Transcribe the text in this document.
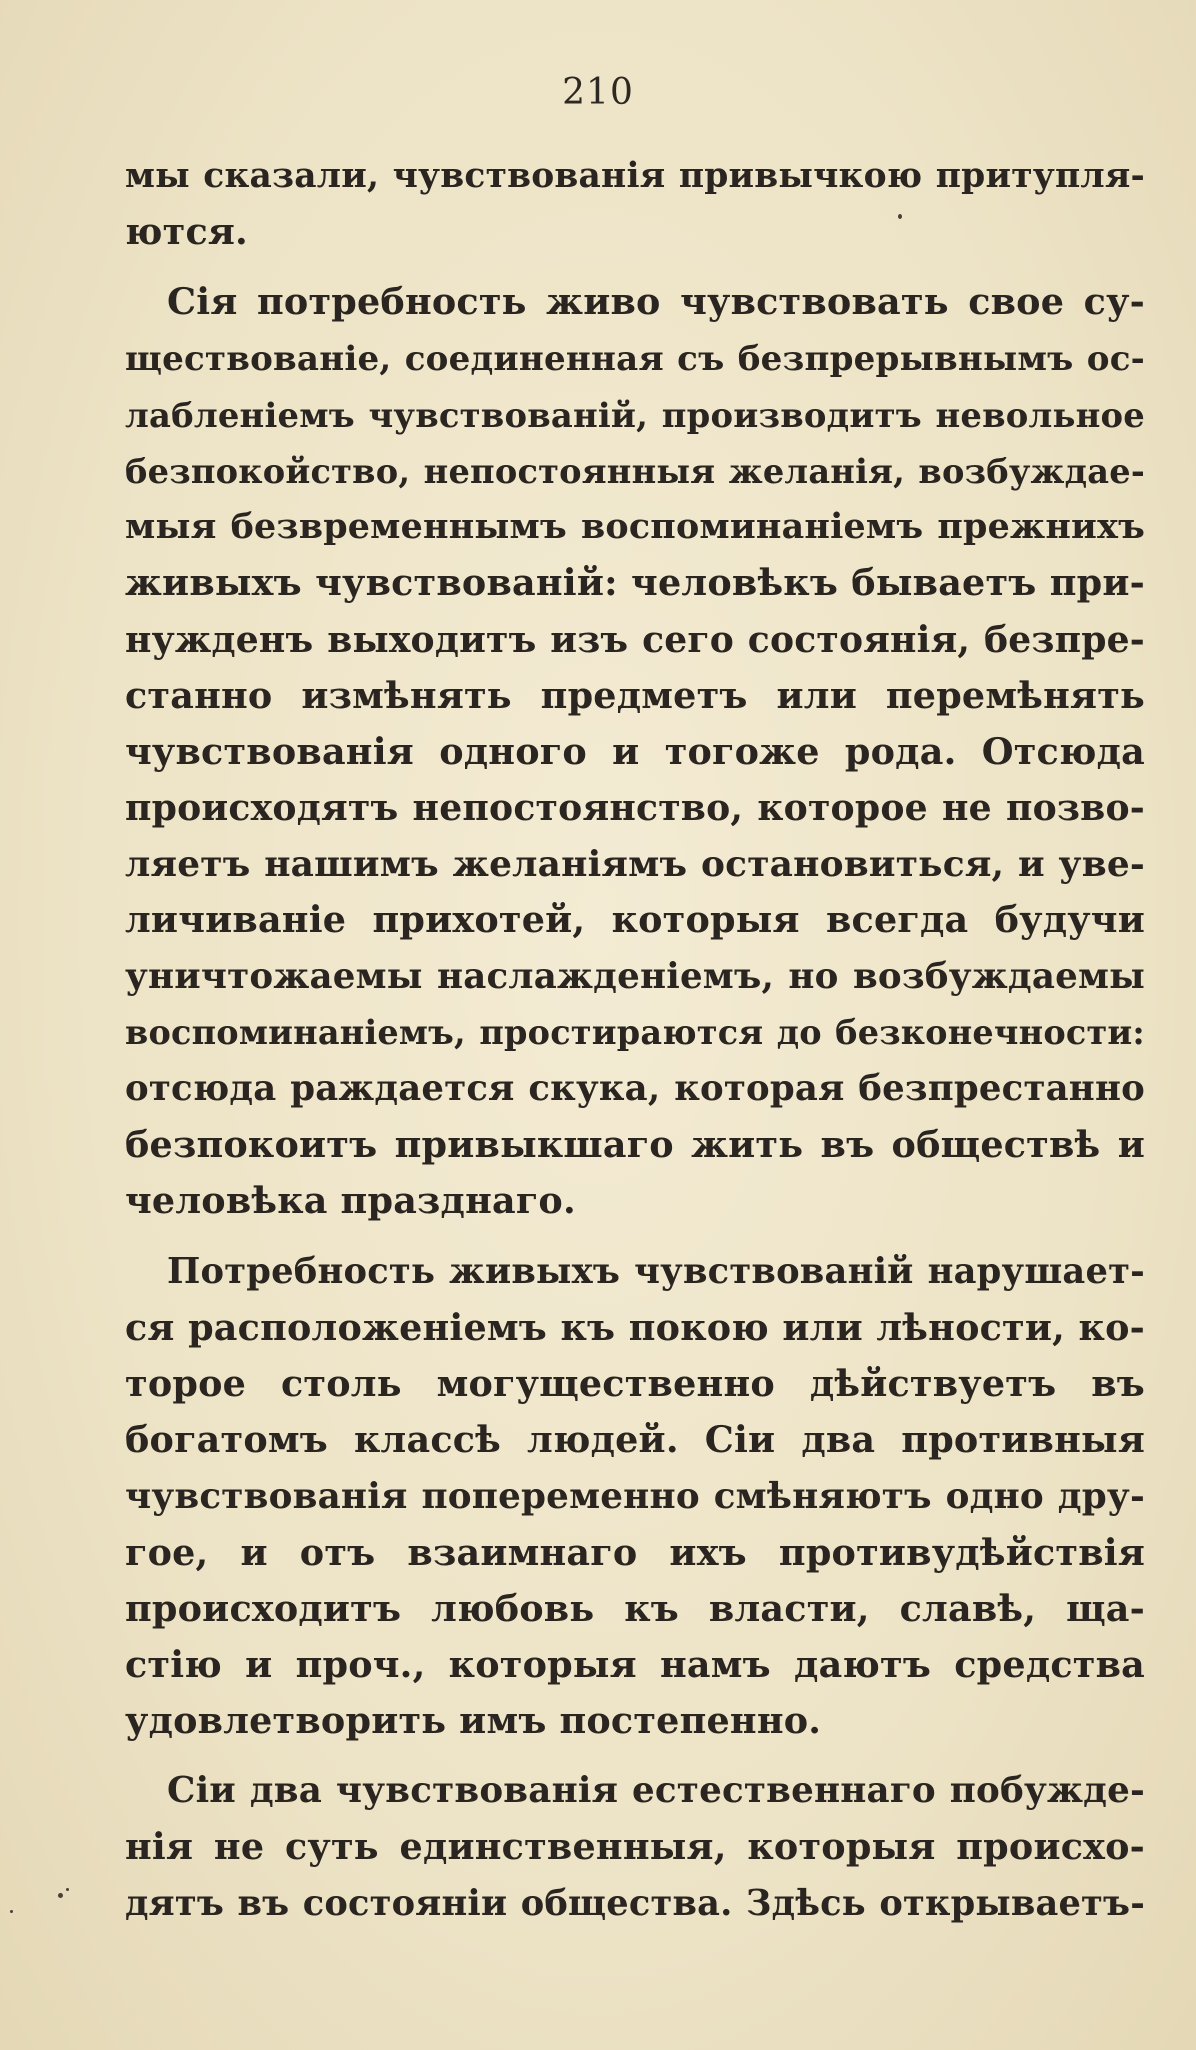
210
мы сказали, чувствованія привычкою притупля-
ются.
Сія потребность живо чувствовать свое су-
ществованіе, соединенная съ безпрерывнымъ ос-
лабленіемъ чувствованій, производитъ невольное
безпокойство, непостоянныя желанія, возбуждае-
мыя безвременнымъ воспоминаніемъ прежнихъ
живыхъ чувствованій: человѣкъ бываетъ при-
нужденъ выходитъ изъ сего состоянія, безпре-
станно измѣнять предметъ или перемѣнять
чувствованія одного и тогоже рода. Отсюда
происходятъ непостоянство, которое не позво-
ляетъ нашимъ желаніямъ остановиться, и уве-
личиваніе прихотей, которыя всегда будучи
уничтожаемы наслажденіемъ, но возбуждаемы
воспоминаніемъ, простираются до безконечности:
отсюда раждается скука, которая безпрестанно
безпокоитъ привыкшаго жить въ обществѣ и
человѣка празднаго.
Потребность живыхъ чувствованій нарушает-
ся расположеніемъ къ покою или лѣности, ко-
торое столь могущественно дѣйствуетъ въ
богатомъ классѣ людей. Сіи два противныя
чувствованія попеременно смѣняютъ одно дру-
гое, и отъ взаимнаго ихъ противудѣйствія
происходитъ любовь къ власти, славѣ, ща-
стію и проч., которыя намъ даютъ средства
удовлетворить имъ постепенно.
Сіи два чувствованія естественнаго побужде-
нія не суть единственныя, которыя происхо-
дятъ въ состояніи общества. Здѣсь открываетъ-
